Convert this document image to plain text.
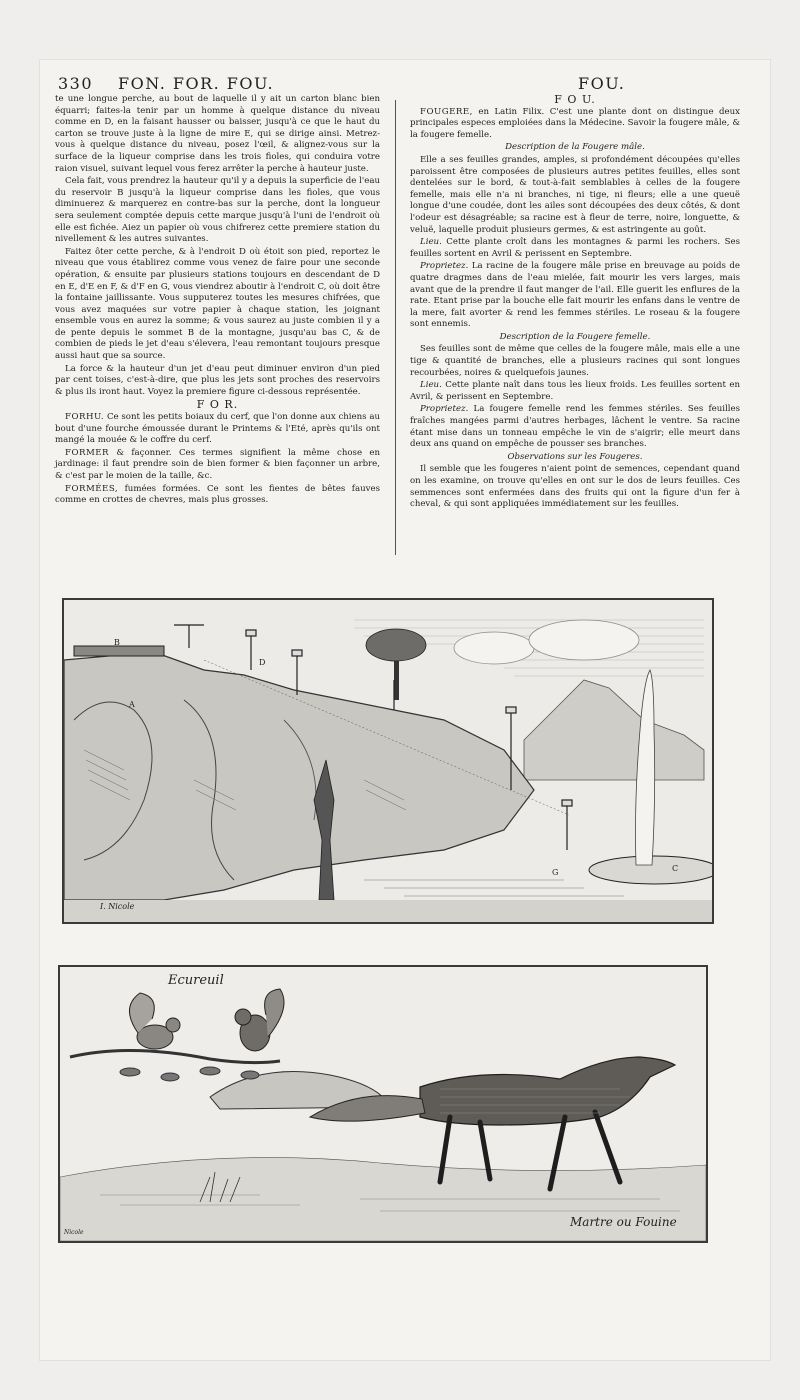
330 FON. FOR. FOU.	FOU.

te une longue perche, au bout de laquelle il y ait un carton blanc bien équarri; faites-la tenir par un homme à quelque distance du niveau comme en D, en la faisant hausser ou baisser, jusqu'à ce que le haut du carton se trouve juste à la ligne de mire E, qui se dirige ainsi. Metrez-vous à quelque distance du niveau, posez l'œil, & alignez-vous sur la surface de la liqueur comprise dans les trois fioles, qui conduira votre raion visuel, suivant lequel vous ferez arrêter la perche à hauteur juste.

Cela fait, vous prendrez la hauteur qu'il y a depuis la superficie de l'eau du reservoir B jusqu'à la liqueur comprise dans les fioles, que vous diminuerez & marquerez en contre-bas sur la perche, dont la longueur sera seulement comptée depuis cette marque jusqu'à l'uni de l'endroit où elle est fichée. Aiez un papier où vous chifrerez cette premiere station du nivellement & les autres suivantes.

Faitez ôter cette perche, & à l'endroit D où étoit son pied, reportez le niveau que vous établirez comme vous venez de faire pour une seconde opération, & ensuite par plusieurs stations toujours en descendant de D en E, d'E en F, & d'F en G, vous viendrez aboutir à l'endroit C, où doit être la fontaine jaillissante. Vous supputerez toutes les mesures chifrées, que vous avez maquées sur votre papier à chaque station, les joignant ensemble vous en aurez la somme; & vous saurez au juste combien il y a de pente depuis le sommet B de la montagne, jusqu'au bas C, & de combien de pieds le jet d'eau s'élevera, l'eau remontant toujours presque aussi haut que sa source.

La force & la hauteur d'un jet d'eau peut diminuer environ d'un pied par cent toises, c'est-à-dire, que plus les jets sont proches des reservoirs & plus ils iront haut. Voyez la premiere figure ci-dessous représentée.

F O R.

FORHU. Ce sont les petits boiaux du cerf, que l'on donne aux chiens au bout d'une fourche émoussée durant le Printems & l'Eté, après qu'ils ont mangé la mouée & le coffre du cerf.

FORMER & façonner. Ces termes signifient la même chose en jardinage: il faut prendre soin de bien former & bien façonner un arbre, & c'est par le moien de la taille, &c.

FORMÉES, fumées formées. Ce sont les fientes de bêtes fauves comme en crottes de chevres, mais plus grosses.

F O U.

FOUGERE, en Latin Filix. C'est une plante dont on distingue deux principales especes emploiées dans la Médecine. Savoir la fougere mâle, & la fougere femelle.

Description de la Fougere mâle.

Elle a ses feuilles grandes, amples, si profondément découpées qu'elles paroissent être composées de plusieurs autres petites feuilles, elles sont dentelées sur le bord, & tout-à-fait semblables à celles de la fougere femelle, mais elle n'a ni branches, ni tige, ni fleurs; elle a une queuë longue d'une coudée, dont les ailes sont découpées des deux côtés, & dont l'odeur est désagréable; sa racine est à fleur de terre, noire, longuette, & veluë, laquelle produit plusieurs germes, & est astringente au goût.

Lieu. Cette plante croît dans les montagnes & parmi les rochers. Ses feuilles sortent en Avril & perissent en Septembre.

Proprietez. La racine de la fougere mâle prise en breuvage au poids de quatre dragmes dans de l'eau mielée, fait mourir les vers larges, mais avant que de la prendre il faut manger de l'ail. Elle guerit les enflures de la rate. Etant prise par la bouche elle fait mourir les enfans dans le ventre de la mere, fait avorter & rend les femmes stériles. Le roseau & la fougere sont ennemis.

Description de la Fougere femelle.

Ses feuilles sont de même que celles de la fougere mâle, mais elle a une tige & quantité de branches, elle a plusieurs racines qui sont longues recourbées, noires & quelquefois jaunes.

Lieu. Cette plante naît dans tous les lieux froids. Les feuilles sortent en Avril, & perissent en Septembre.

Proprietez. La fougere femelle rend les femmes stériles. Ses feuilles fraîches mangées parmi d'autres herbages, lâchent le ventre. Sa racine étant mise dans un tonneau empêche le vin de s'aigrir; elle meurt dans deux ans quand on empêche de pousser ses branches.

Observations sur les Fougeres.

Il semble que les fougeres n'aient point de semences, cependant quand on les examine, on trouve qu'elles en ont sur le dos de leurs feuilles. Ces semmences sont enfermées dans des fruits qui ont la figure d'un fer à cheval, & qui sont appliquées immédiatement sur les feuilles.

B
A
D
G	C
I. Nicole
Ecureuil
Martre ou Fouine
Nicole
